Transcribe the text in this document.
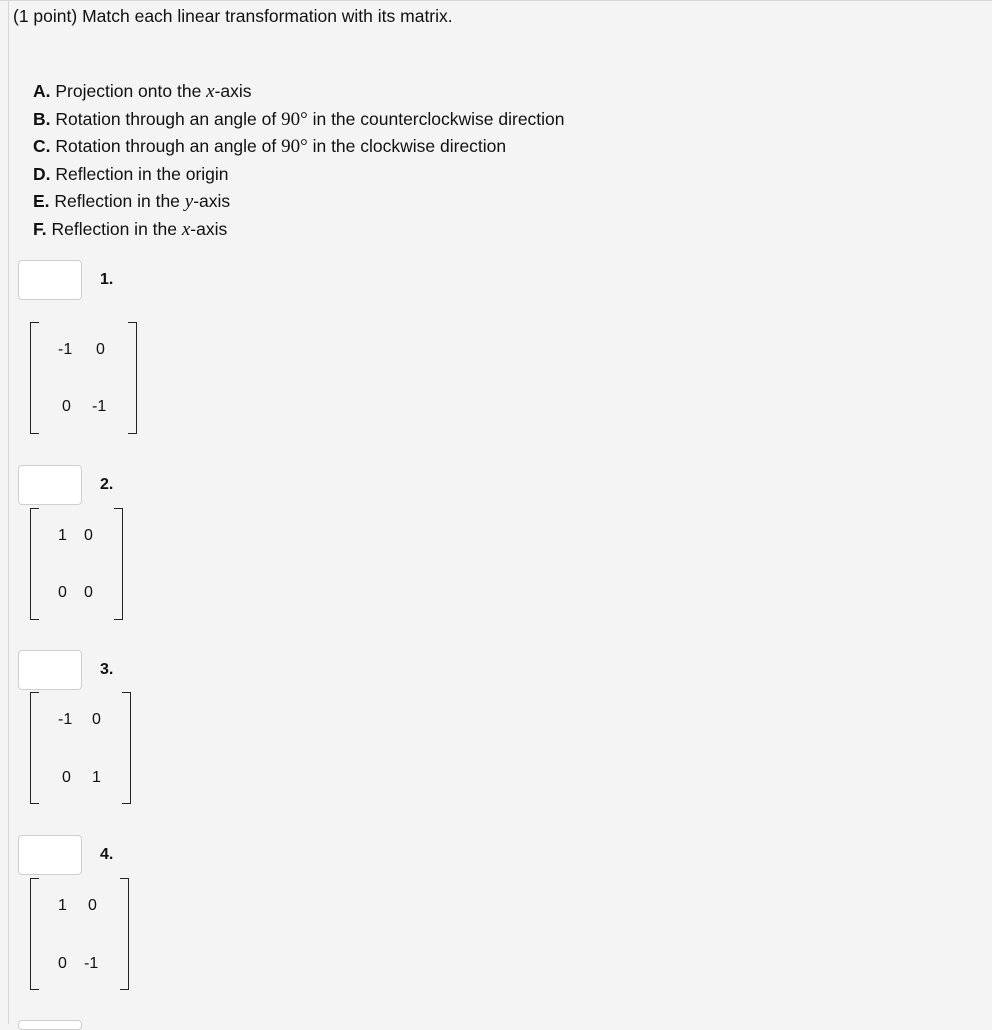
(1 point) Match each linear transformation with its matrix.
A. Projection onto the x-axis
B. Rotation through an angle of 90° in the counterclockwise direction
C. Rotation through an angle of 90° in the clockwise direction
D. Reflection in the origin
E. Reflection in the y-axis
F. Reflection in the x-axis
1.
-1 0
0 -1
2.
1 0
0 0
3.
-1 0
0 1
4.
1 0
0 -1
